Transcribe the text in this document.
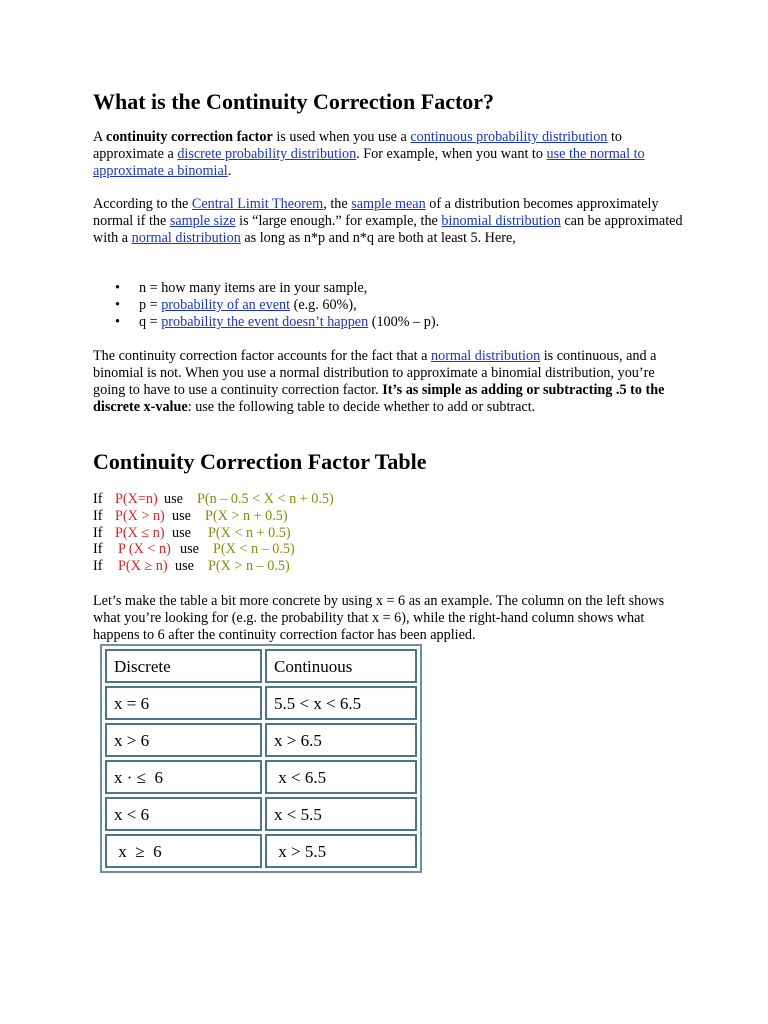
What is the Continuity Correction Factor?

A continuity correction factor is used when you use a continuous probability distribution to approximate a discrete probability distribution. For example, when you want to use the normal to approximate a binomial.

According to the Central Limit Theorem, the sample mean of a distribution becomes approximately normal if the sample size is “large enough.” for example, the binomial distribution can be approximated with a normal distribution as long as n*p and n*q are both at least 5. Here,

• n = how many items are in your sample,
• p = probability of an event (e.g. 60%),
• q = probability the event doesn’t happen (100% – p).

The continuity correction factor accounts for the fact that a normal distribution is continuous, and a binomial is not. When you use a normal distribution to approximate a binomial distribution, you’re going to have to use a continuity correction factor. It’s as simple as adding or subtracting .5 to the discrete x-value: use the following table to decide whether to add or subtract.

Continuity Correction Factor Table
If P(X=n) use P(n – 0.5 < X < n + 0.5)
If P(X > n) use P(X > n + 0.5)
If P(X ≤ n) use P(X < n + 0.5)
If P (X < n) use P(X < n – 0.5)
If P(X ≥ n) use P(X > n – 0.5)

Let’s make the table a bit more concrete by using x = 6 as an example. The column on the left shows what you’re looking for (e.g. the probability that x = 6), while the right-hand column shows what happens to 6 after the continuity correction factor has been applied.

Discrete	Continuous
x = 6	5.5 < x < 6.5
x > 6	x > 6.5
x · ≤  6	x < 6.5
x < 6	x < 5.5
x  ≥  6	x > 5.5
